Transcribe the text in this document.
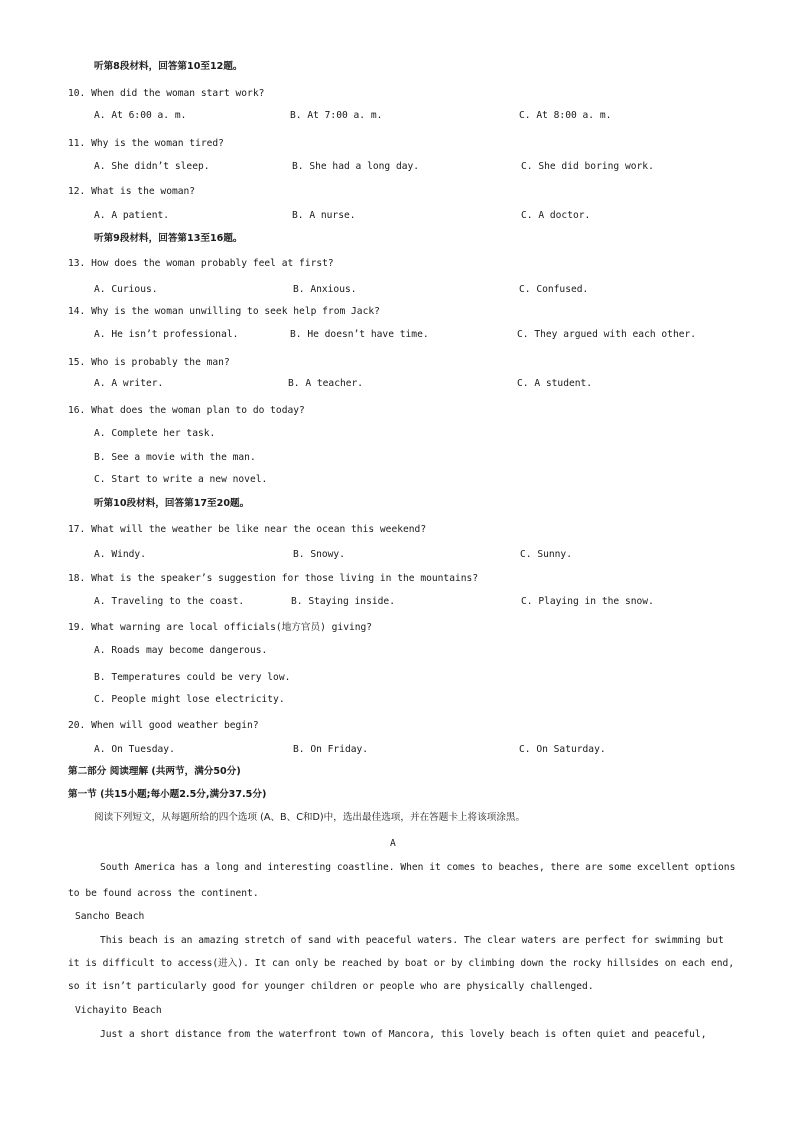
听第8段材料，回答第10至12题。
10. When did the woman start work?
A. At 6:00 a. m.	B. At 7:00 a. m.	C. At 8:00 a. m.
11. Why is the woman tired?
A. She didn’t sleep.	B. She had a long day.	C. She did boring work.
12. What is the woman?
A. A patient.	B. A nurse.	C. A doctor.
听第9段材料，回答第13至16题。
13. How does the woman probably feel at first?
A. Curious.	B. Anxious.	C. Confused.
14. Why is the woman unwilling to seek help from Jack?
A. He isn’t professional.	B. He doesn’t have time.	C. They argued with each other.
15. Who is probably the man?
A. A writer.	B. A teacher.	C. A student.
16. What does the woman plan to do today?
A. Complete her task.
B. See a movie with the man.
C. Start to write a new novel.
听第10段材料，回答第17至20题。
17. What will the weather be like near the ocean this weekend?
A. Windy.	B. Snowy.	C. Sunny.
18. What is the speaker’s suggestion for those living in the mountains?
A. Traveling to the coast.	B. Staying inside.	C. Playing in the snow.
19. What warning are local officials(地方官员) giving?
A. Roads may become dangerous.
B. Temperatures could be very low.
C. People might lose electricity.
20. When will good weather begin?
A. On Tuesday.	B. On Friday.	C. On Saturday.
第二部分 阅读理解 (共两节，满分50分)
第一节 (共15小题;每小题2.5分,满分37.5分)
阅读下列短文，从每题所给的四个选项 (A、B、C和D)中，选出最佳选项，并在答题卡上将该项涂黑。
A
South America has a long and interesting coastline. When it comes to beaches, there are some excellent options
to be found across the continent.
Sancho Beach
This beach is an amazing stretch of sand with peaceful waters. The clear waters are perfect for swimming but
it is difficult to access(进入). It can only be reached by boat or by climbing down the rocky hillsides on each end,
so it isn’t particularly good for younger children or people who are physically challenged.
Vichayito Beach
Just a short distance from the waterfront town of Mancora, this lovely beach is often quiet and peaceful,
